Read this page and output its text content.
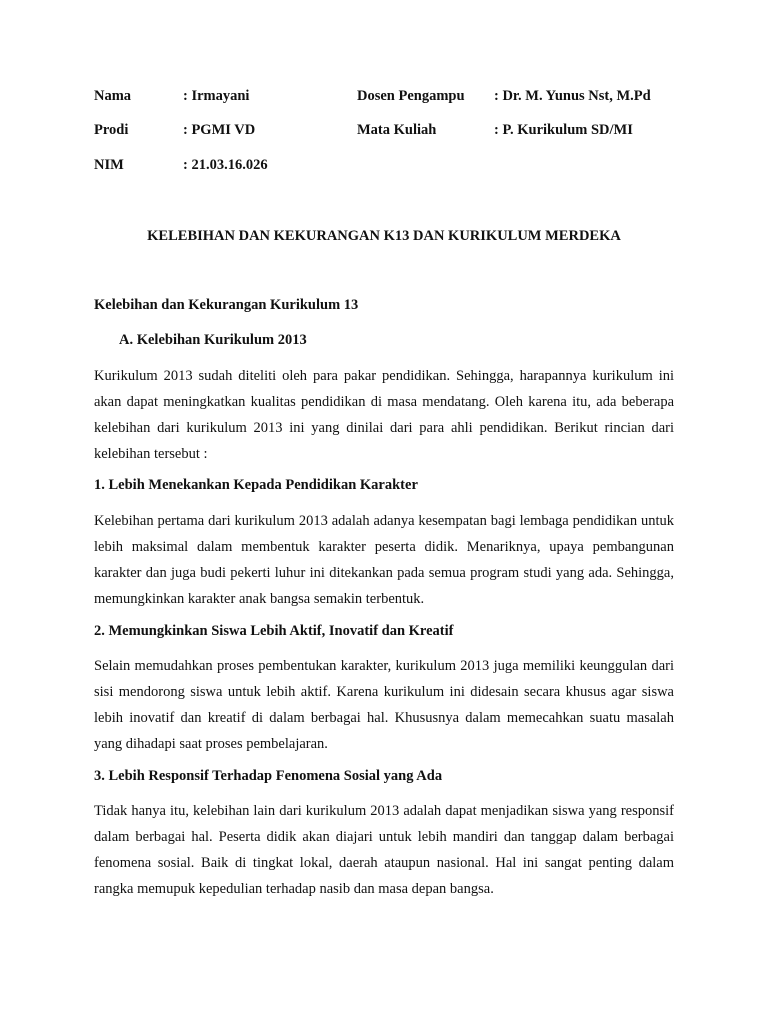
Nama	: Irmayani	Dosen Pengampu : Dr. M. Yunus Nst, M.Pd
Prodi	: PGMI VD	Mata Kuliah	: P. Kurikulum SD/MI
NIM	: 21.03.16.026
KELEBIHAN DAN KEKURANGAN K13 DAN KURIKULUM MERDEKA
Kelebihan dan Kekurangan Kurikulum 13
A. Kelebihan Kurikulum 2013
Kurikulum 2013 sudah diteliti oleh para pakar pendidikan. Sehingga, harapannya kurikulum ini akan dapat meningkatkan kualitas pendidikan di masa mendatang. Oleh karena itu, ada beberapa kelebihan dari kurikulum 2013 ini yang dinilai dari para ahli pendidikan. Berikut rincian dari kelebihan tersebut :
1. Lebih Menekankan Kepada Pendidikan Karakter
Kelebihan pertama dari kurikulum 2013 adalah adanya kesempatan bagi lembaga pendidikan untuk lebih maksimal dalam membentuk karakter peserta didik. Menariknya, upaya pembangunan karakter dan juga budi pekerti luhur ini ditekankan pada semua program studi yang ada. Sehingga, memungkinkan karakter anak bangsa semakin terbentuk.
2. Memungkinkan Siswa Lebih Aktif, Inovatif dan Kreatif
Selain memudahkan proses pembentukan karakter, kurikulum 2013 juga memiliki keunggulan dari sisi mendorong siswa untuk lebih aktif. Karena kurikulum ini didesain secara khusus agar siswa lebih inovatif dan kreatif di dalam berbagai hal. Khususnya dalam memecahkan suatu masalah yang dihadapi saat proses pembelajaran.
3. Lebih Responsif Terhadap Fenomena Sosial yang Ada
Tidak hanya itu, kelebihan lain dari kurikulum 2013 adalah dapat menjadikan siswa yang responsif dalam berbagai hal. Peserta didik akan diajari untuk lebih mandiri dan tanggap dalam berbagai fenomena sosial. Baik di tingkat lokal, daerah ataupun nasional. Hal ini sangat penting dalam rangka memupuk kepedulian terhadap nasib dan masa depan bangsa.
